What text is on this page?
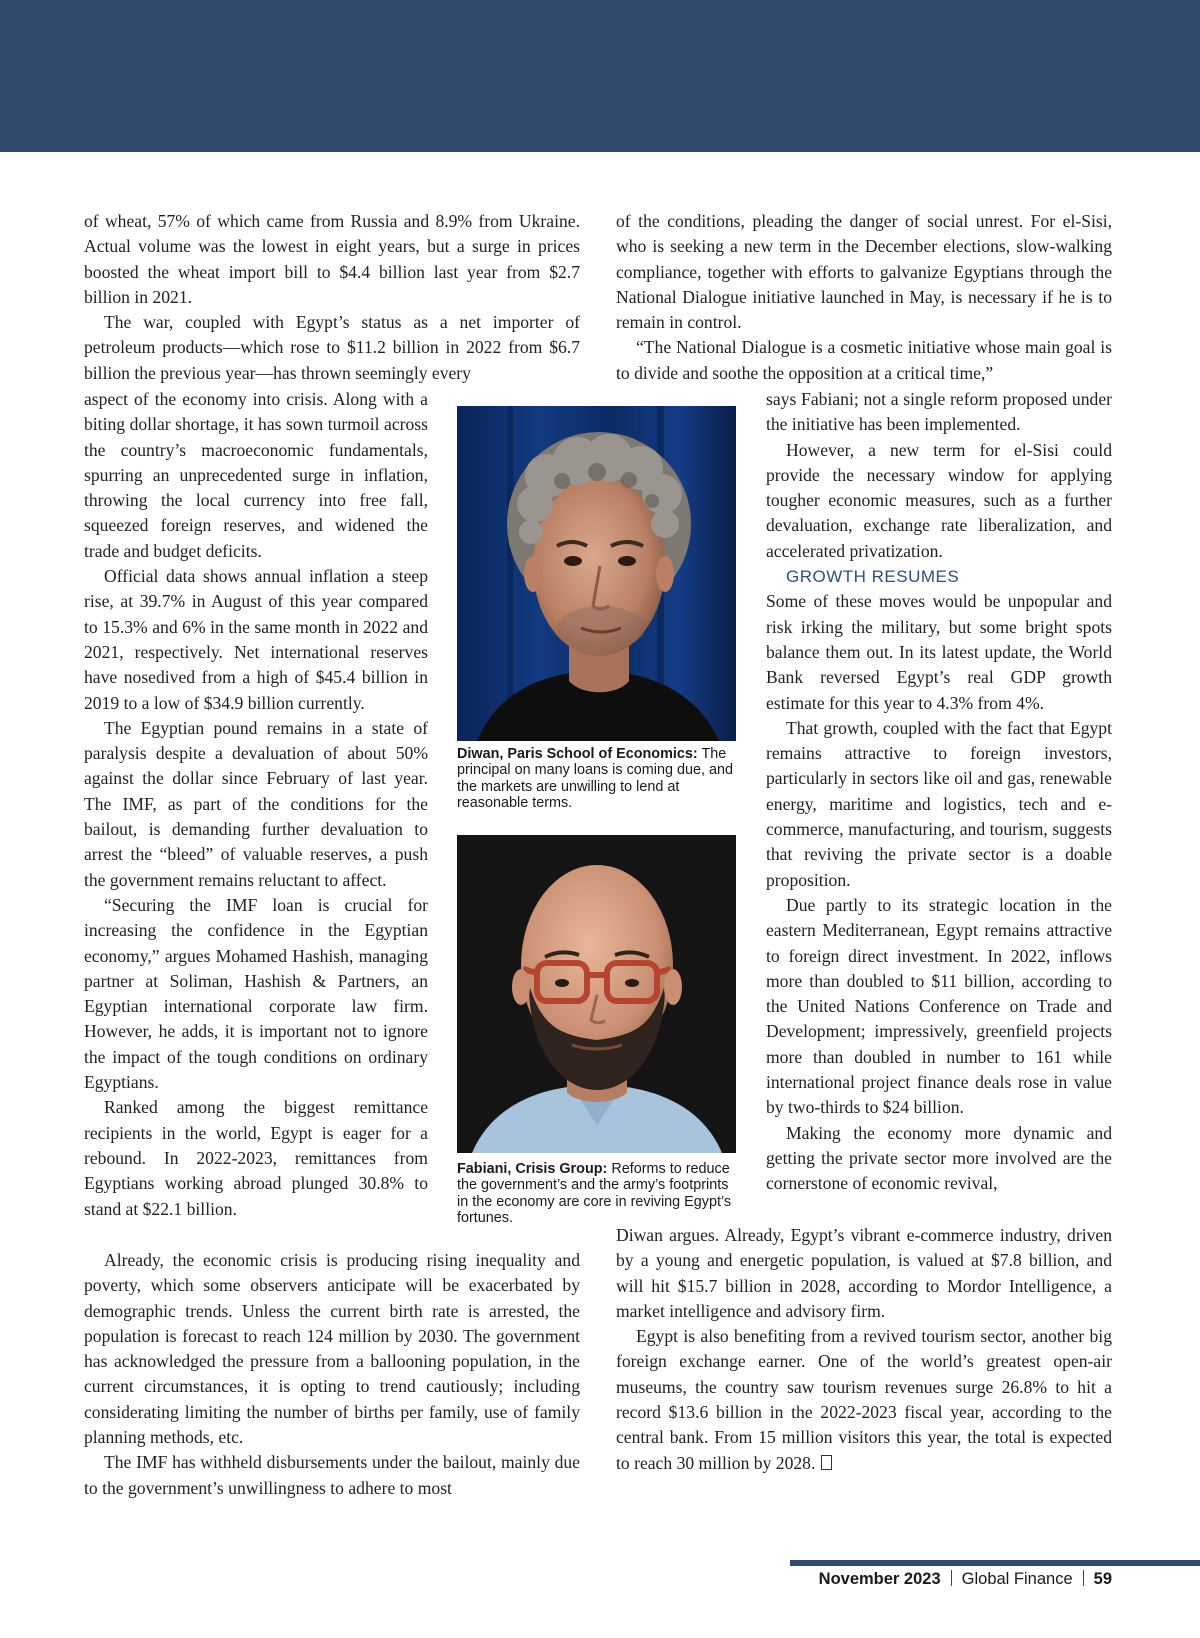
of wheat, 57% of which came from Russia and 8.9% from Ukraine. Actual volume was the lowest in eight years, but a surge in prices boosted the wheat import bill to $4.4 billion last year from $2.7 billion in 2021.

The war, coupled with Egypt’s status as a net importer of petroleum products—which rose to $11.2 billion in 2022 from $6.7 billion the previous year—has thrown seemingly every

aspect of the economy into crisis. Along with a biting dollar shortage, it has sown turmoil across the country’s macroeconomic fundamentals, spurring an unprecedented surge in inflation, throwing the local currency into free fall, squeezed foreign reserves, and widened the trade and budget deficits.

Official data shows annual inflation a steep rise, at 39.7% in August of this year compared to 15.3% and 6% in the same month in 2022 and 2021, respectively. Net international reserves have nosedived from a high of $45.4 billion in 2019 to a low of $34.9 billion currently.

The Egyptian pound remains in a state of paralysis despite a devaluation of about 50% against the dollar since February of last year. The IMF, as part of the conditions for the bailout, is demanding further devaluation to arrest the “bleed” of valuable reserves, a push the government remains reluctant to affect.

“Securing the IMF loan is crucial for increasing the confidence in the Egyptian economy,” argues Mohamed Hashish, managing partner at Soliman, Hashish & Partners, an Egyptian international corporate law firm. However, he adds, it is important not to ignore the impact of the tough conditions on ordinary Egyptians.

Ranked among the biggest remittance recipients in the world, Egypt is eager for a rebound. In 2022-2023, remittances from Egyptians working abroad plunged 30.8% to stand at $22.1 billion.

Already, the economic crisis is producing rising inequality and poverty, which some observers anticipate will be exacerbated by demographic trends. Unless the current birth rate is arrested, the population is forecast to reach 124 million by 2030. The government has acknowledged the pressure from a ballooning population, in the current circumstances, it is opting to trend cautiously; including considerating limiting the number of births per family, use of family planning methods, etc.

The IMF has withheld disbursements under the bailout, mainly due to the government’s unwillingness to adhere to most

of the conditions, pleading the danger of social unrest. For el-Sisi, who is seeking a new term in the December elections, slow-walking compliance, together with efforts to galvanize Egyptians through the National Dialogue initiative launched in May, is necessary if he is to remain in control.

“The National Dialogue is a cosmetic initiative whose main goal is to divide and soothe the opposition at a critical time,”

says Fabiani; not a single reform proposed under the initiative has been implemented.

However, a new term for el-Sisi could provide the necessary window for applying tougher economic measures, such as a further devaluation, exchange rate liberalization, and accelerated privatization.

GROWTH RESUMES

Some of these moves would be unpopular and risk irking the military, but some bright spots balance them out. In its latest update, the World Bank reversed Egypt’s real GDP growth estimate for this year to 4.3% from 4%.

That growth, coupled with the fact that Egypt remains attractive to foreign investors, particularly in sectors like oil and gas, renewable energy, maritime and logistics, tech and e-commerce, manufacturing, and tourism, suggests that reviving the private sector is a doable proposition.

Due partly to its strategic location in the eastern Mediterranean, Egypt remains attractive to foreign direct investment. In 2022, inflows more than doubled to $11 billion, according to the United Nations Conference on Trade and Development; impressively, greenfield projects more than doubled in number to 161 while international project finance deals rose in value by two-thirds to $24 billion.

Making the economy more dynamic and getting the private sector more involved are the cornerstone of economic revival,

Diwan argues. Already, Egypt’s vibrant e-commerce industry, driven by a young and energetic population, is valued at $7.8 billion, and will hit $15.7 billion in 2028, according to Mordor Intelligence, a market intelligence and advisory firm.

Egypt is also benefiting from a revived tourism sector, another big foreign exchange earner. One of the world’s greatest open-air museums, the country saw tourism revenues surge 26.8% to hit a record $13.6 billion in the 2022-2023 fiscal year, according to the central bank. From 15 million visitors this year, the total is expected to reach 30 million by 2028.

Diwan, Paris School of Economics: The principal on many loans is coming due, and the markets are unwilling to lend at reasonable terms.
Fabiani, Crisis Group: Reforms to reduce the government’s and the army’s footprints in the economy are core in reviving Egypt’s fortunes.
November 2023 Global Finance 59
